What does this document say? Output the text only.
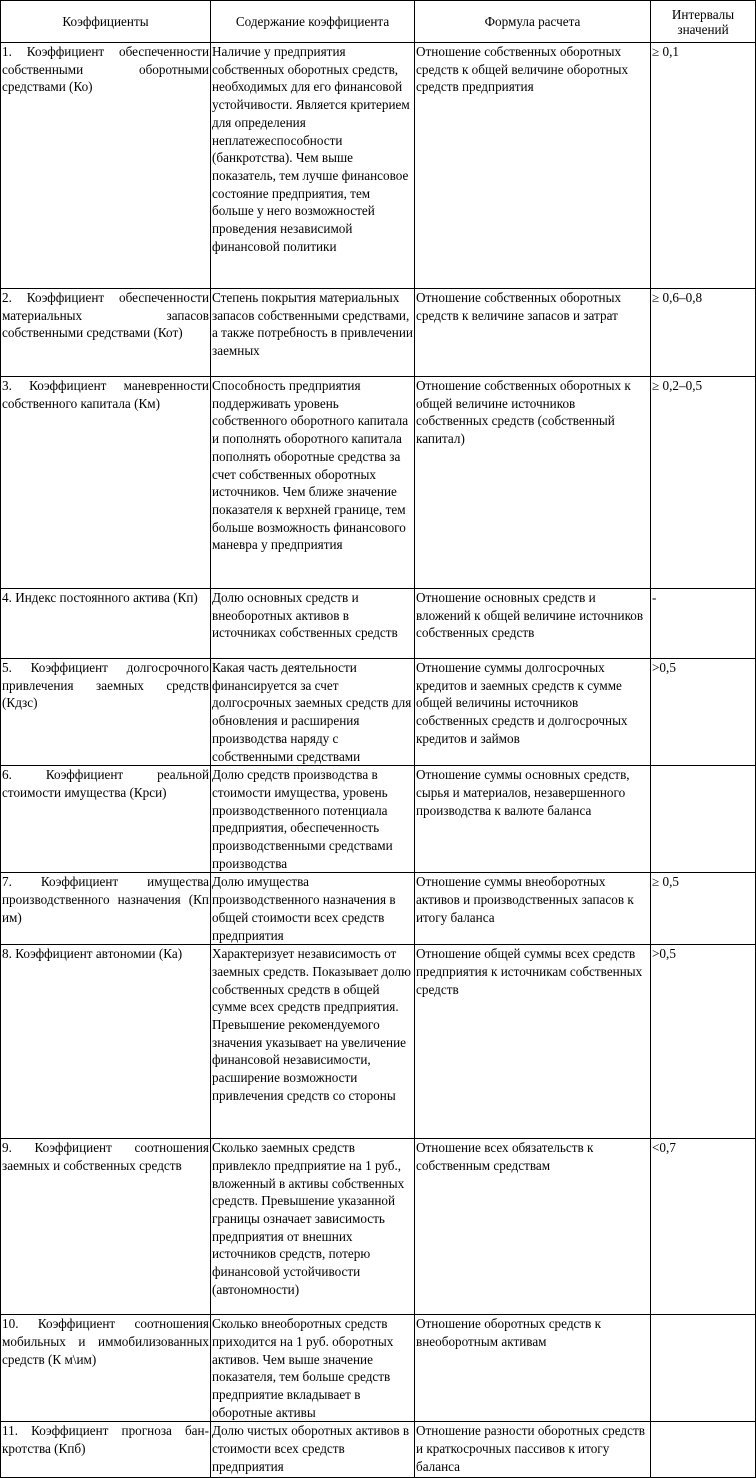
Коэффициенты	Содержание коэффициента	Формула расчета	Интервалы
значений
1. Коэффициент обеспеченности собственными оборотными средствами (Ко)	Наличие у предприятия собственных оборотных средств, необходимых для его финансовой устойчивости. Является критерием для определения неплатежеспособности (банкротства). Чем выше показатель, тем лучше финансовое состояние предприятия, тем больше у него возможностей проведения независимой финансовой политики	Отношение собственных оборотных средств к общей величине оборотных средств предприятия	≥ 0,1
2. Коэффициент обеспеченности материальных запасов собственными средствами (Кот)	Степень покрытия материальных запасов собственными средствами, а также потребность в привлечении заемных	Отношение собственных оборотных средств к величине запасов и затрат	≥ 0,6–0,8
3. Коэффициент маневренности собственного капитала (Км)	Способность предприятия поддерживать уровень собственного оборотного капитала и пополнять оборотного капитала пополнять оборотные средства за счет собственных оборотных источников. Чем ближе значение показателя к верхней границе, тем больше возможность финансового маневра у предприятия	Отношение собственных оборотных к общей величине источников собственных средств (собственный капитал)	≥ 0,2–0,5
4. Индекс постоянного актива (Кп)	Долю основных средств и внеоборотных активов в источниках собственных средств	Отношение основных средств и вложений к общей величине источников собственных средств	-
5. Коэффициент долгосрочного привлечения заемных средств (Кдзс)	Какая часть деятельности финансируется за счет долгосрочных заемных средств для обновления и расширения производства наряду с собственными средствами	Отношение суммы долгосрочных кредитов и заемных средств к сумме общей величины источников собственных средств и долгосрочных кредитов и займов	>0,5
6. Коэффициент реальной стоимости имущества (Крси)	Долю средств производства в стоимости имущества, уровень производственного потенциала предприятия, обеспеченность производственными средствами производства	Отношение суммы основных средств, сырья и материалов, незавершенного производства к валюте баланса	
7. Коэффициент имущества производственного назначения (Кп им)	Долю имущества производственного назначения в общей стоимости всех средств предприятия	Отношение суммы внеоборотных активов и производственных запасов к итогу баланса	≥ 0,5
8. Коэффициент автономии (Ка)	Характеризует независимость от заемных средств. Показывает долю собственных средств в общей сумме всех средств предприятия. Превышение рекомендуемого значения указывает на увеличение финансовой независимости, расширение возможности привлечения средств со стороны	Отношение общей суммы всех средств предприятия к источникам собственных средств	>0,5
9. Коэффициент соотношения заемных и собственных средств	Сколько заемных средств привлекло предприятие на 1 руб., вложенный в активы собственных средств. Превышение указанной границы означает зависимость предприятия от внешних источников средств, потерю финансовой устойчивости (автономности)	Отношение всех обязательств к собственным средствам	<0,7
10. Коэффициент соотношения мобильных и иммобилизованных средств (К м\им)	Сколько внеоборотных средств приходится на 1 руб. оборотных активов. Чем выше значение показателя, тем больше средств предприятие вкладывает в оборотные активы	Отношение оборотных средств к внеоборотным активам	
11. Коэффициент прогноза бан-кротства (Кпб)	Долю чистых оборотных активов в стоимости всех средств предприятия	Отношение разности оборотных средств и краткосрочных пассивов к итогу баланса	
